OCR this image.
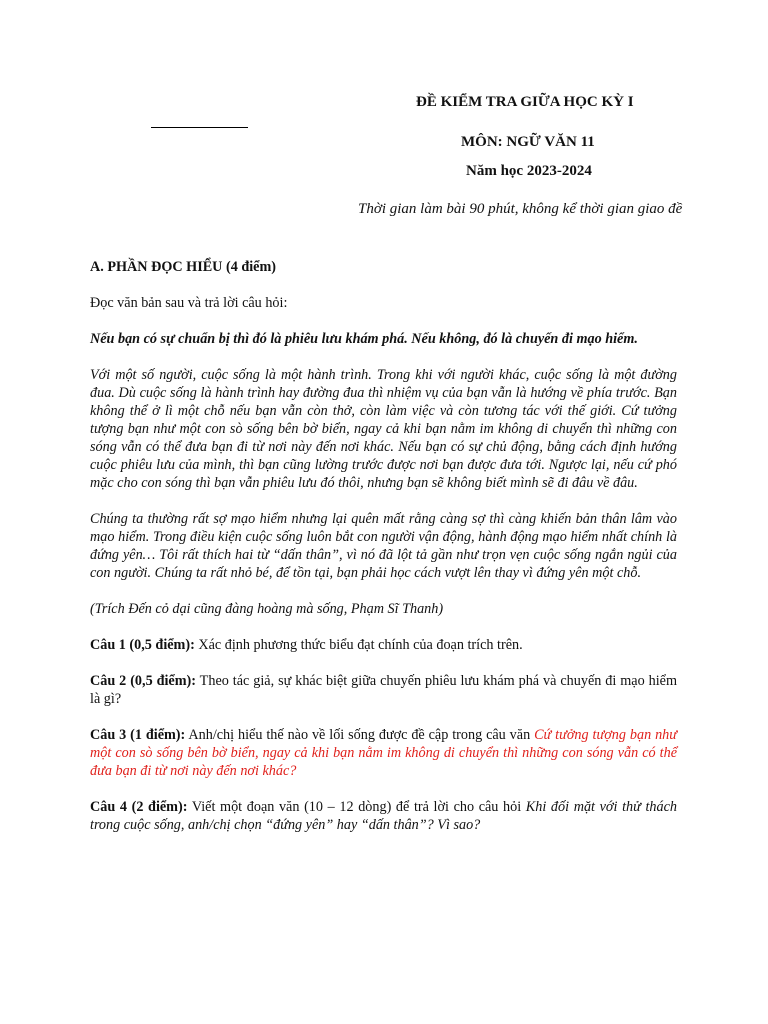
ĐỀ KIỂM TRA GIỮA HỌC KỲ I
MÔN: NGỮ VĂN 11
Năm học 2023-2024
Thời gian làm bài 90 phút, không kể thời gian giao đề

A. PHẦN ĐỌC HIỂU (4 điểm)

Đọc văn bản sau và trả lời câu hỏi:

Nếu bạn có sự chuẩn bị thì đó là phiêu lưu khám phá. Nếu không, đó là chuyến đi mạo hiểm.

Với một số người, cuộc sống là một hành trình. Trong khi với người khác, cuộc sống là một đường đua. Dù cuộc sống là hành trình hay đường đua thì nhiệm vụ của bạn vẫn là hướng về phía trước. Bạn không thể ở lì một chỗ nếu bạn vẫn còn thở, còn làm việc và còn tương tác với thế giới. Cứ tưởng tượng bạn như một con sò sống bên bờ biển, ngay cả khi bạn nằm im không di chuyển thì những con sóng vẫn có thể đưa bạn đi từ nơi này đến nơi khác. Nếu bạn có sự chủ động, bằng cách định hướng cuộc phiêu lưu của mình, thì bạn cũng lường trước được nơi bạn được đưa tới. Ngược lại, nếu cứ phó mặc cho con sóng thì bạn vẫn phiêu lưu đó thôi, nhưng bạn sẽ không biết mình sẽ đi đâu về đâu.

Chúng ta thường rất sợ mạo hiểm nhưng lại quên mất rằng càng sợ thì càng khiến bản thân lâm vào mạo hiểm. Trong điều kiện cuộc sống luôn bắt con người vận động, hành động mạo hiểm nhất chính là đứng yên… Tôi rất thích hai từ “dấn thân”, vì nó đã lột tả gần như trọn vẹn cuộc sống ngắn ngủi của con người. Chúng ta rất nhỏ bé, để tồn tại, bạn phải học cách vượt lên thay vì đứng yên một chỗ.

(Trích Đến cỏ dại cũng đàng hoàng mà sống, Phạm Sĩ Thanh)

Câu 1 (0,5 điểm): Xác định phương thức biểu đạt chính của đoạn trích trên.

Câu 2 (0,5 điểm): Theo tác giả, sự khác biệt giữa chuyến phiêu lưu khám phá và chuyến đi mạo hiểm là gì?

Câu 3 (1 điểm): Anh/chị hiểu thế nào về lối sống được đề cập trong câu văn Cứ tưởng tượng bạn như một con sò sống bên bờ biển, ngay cả khi bạn nằm im không di chuyển thì những con sóng vẫn có thể đưa bạn đi từ nơi này đến nơi khác?

Câu 4 (2 điểm): Viết một đoạn văn (10 – 12 dòng) để trả lời cho câu hỏi Khi đối mặt với thử thách trong cuộc sống, anh/chị chọn “đứng yên” hay “dấn thân”? Vì sao?
